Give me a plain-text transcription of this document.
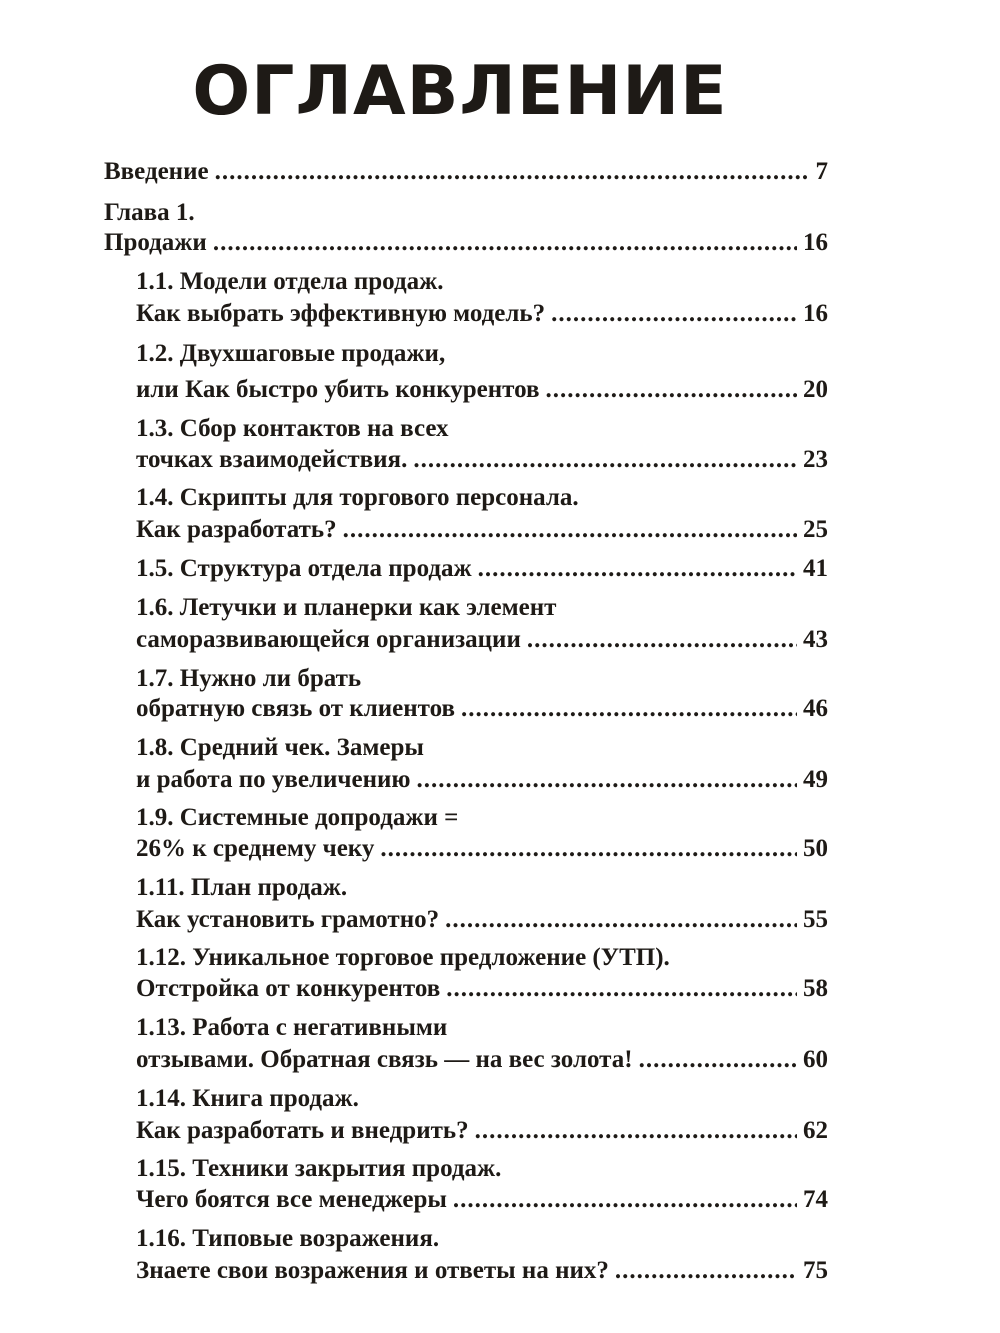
ОГЛАВЛЕНИЕ
Введение .....	7
Глава 1.
Продажи .....	16
1.1. Модели отдела продаж.
Как выбрать эффективную модель? .....	16
1.2. Двухшаговые продажи,
или Как быстро убить конкурентов .....	20
1.3. Сбор контактов на всех
точках взаимодействия. .....	23
1.4. Скрипты для торгового персонала.
Как разработать? .....	25
1.5. Структура отдела продаж .....	41
1.6. Летучки и планерки как элемент
саморазвивающейся организации .....	43
1.7. Нужно ли брать
обратную связь от клиентов .....	46
1.8. Средний чек. Замеры
и работа по увеличению .....	49
1.9. Системные допродажи =
26% к среднему чеку .....	50
1.11. План продаж.
Как установить грамотно? .....	55
1.12. Уникальное торговое предложение (УТП).
Отстройка от конкурентов .....	58
1.13. Работа с негативными
отзывами. Обратная связь — на вес золота! .....	60
1.14. Книга продаж.
Как разработать и внедрить? .....	62
1.15. Техники закрытия продаж.
Чего боятся все менеджеры .....	74
1.16. Типовые возражения.
Знаете свои возражения и ответы на них? .....	75
